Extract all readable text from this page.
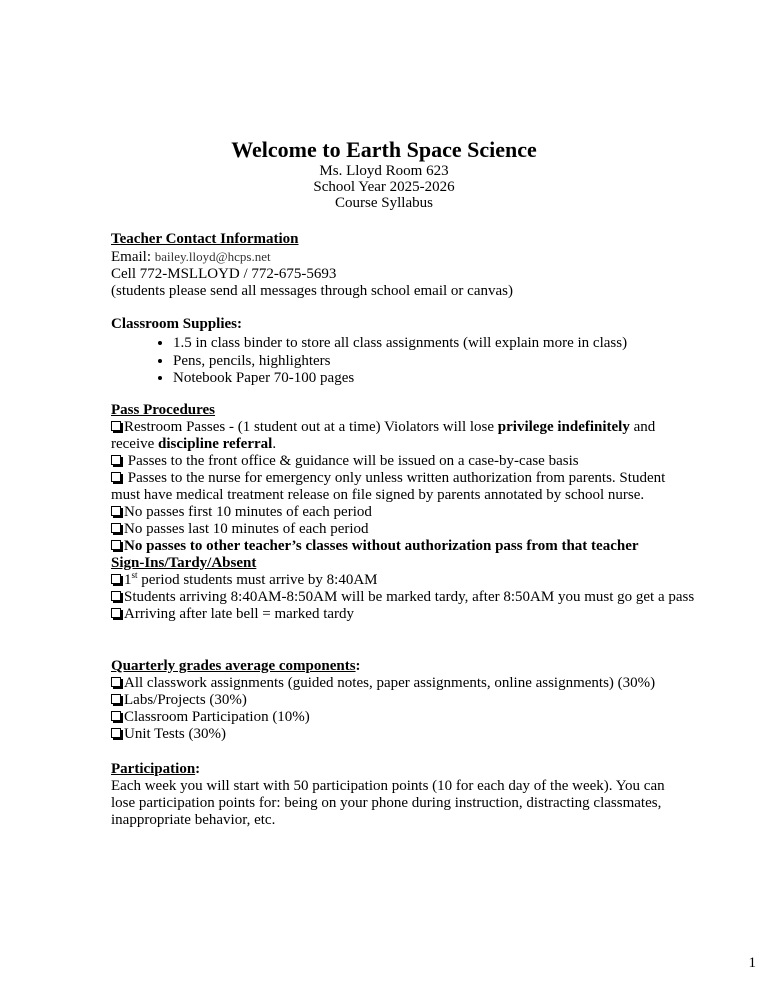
Welcome to Earth Space Science
Ms. Lloyd Room 623
School Year 2025-2026
Course Syllabus
Teacher Contact Information
Email: bailey.lloyd@hcps.net
Cell 772-MSLLOYD / 772-675-5693
(students please send all messages through school email or canvas)
Classroom Supplies:
• 1.5 in class binder to store all class assignments (will explain more in class)
• Pens, pencils, highlighters
• Notebook Paper 70-100 pages
Pass Procedures
Restroom Passes - (1 student out at a time) Violators will lose privilege indefinitely and receive discipline referral.
Passes to the front office & guidance will be issued on a case-by-case basis
Passes to the nurse for emergency only unless written authorization from parents. Student must have medical treatment release on file signed by parents annotated by school nurse.
No passes first 10 minutes of each period
No passes last 10 minutes of each period
No passes to other teacher’s classes without authorization pass from that teacher
Sign-Ins/Tardy/Absent
1st period students must arrive by 8:40AM
Students arriving 8:40AM-8:50AM will be marked tardy, after 8:50AM you must go get a pass
Arriving after late bell = marked tardy
Quarterly grades average components:
All classwork assignments (guided notes, paper assignments, online assignments) (30%)
Labs/Projects (30%)
Classroom Participation (10%)
Unit Tests (30%)
Participation:
Each week you will start with 50 participation points (10 for each day of the week). You can lose participation points for: being on your phone during instruction, distracting classmates, inappropriate behavior, etc.
1
